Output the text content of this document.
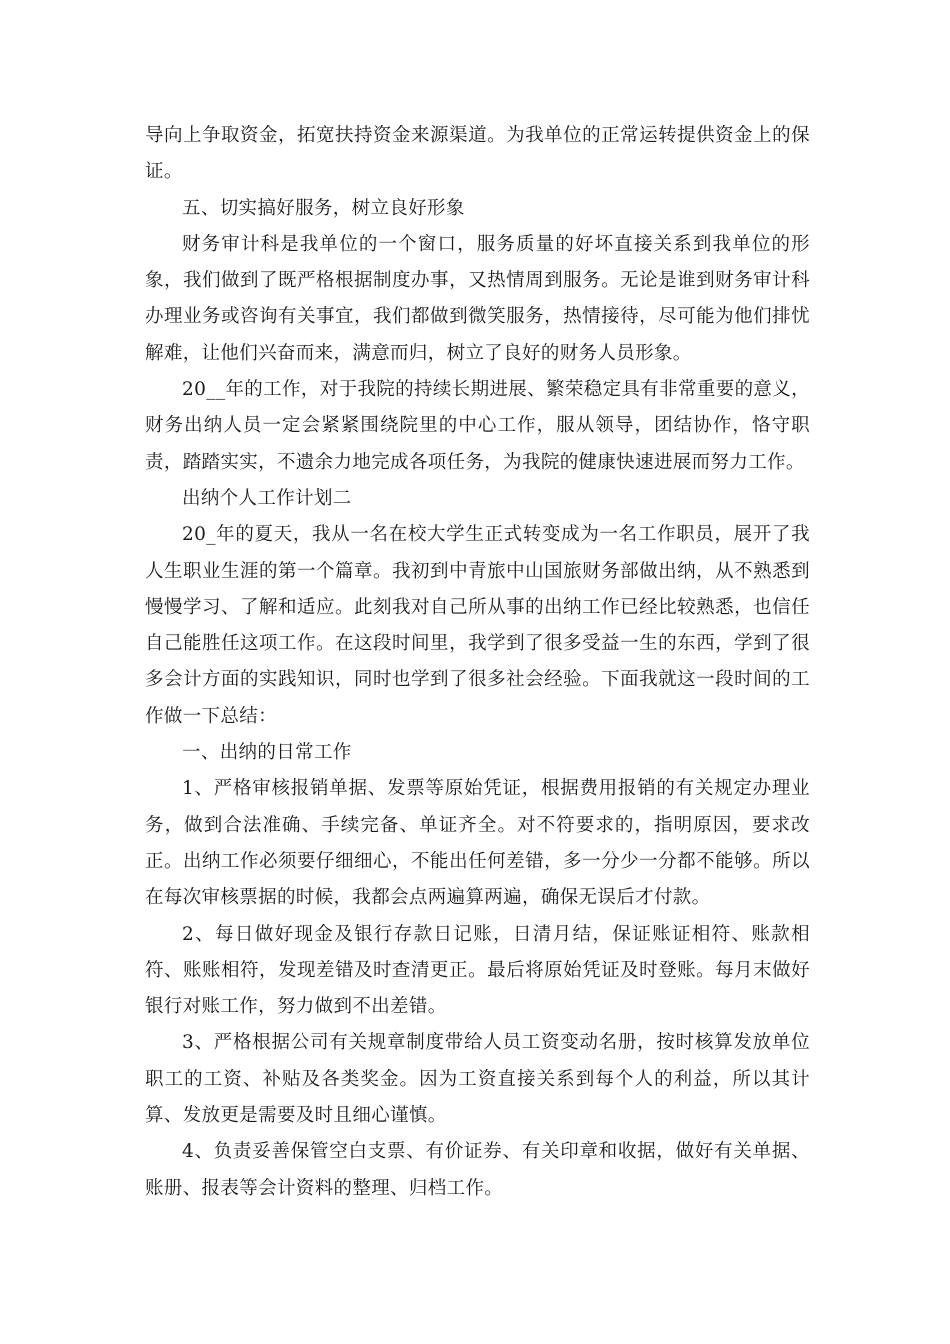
导向上争取资金，拓宽扶持资金来源渠道。为我单位的正常运转提供资金上的保证。

五、切实搞好服务，树立良好形象

财务审计科是我单位的一个窗口，服务质量的好坏直接关系到我单位的形象，我们做到了既严格根据制度办事，又热情周到服务。无论是谁到财务审计科办理业务或咨询有关事宜，我们都做到微笑服务，热情接待，尽可能为他们排忧解难，让他们兴奋而来，满意而归，树立了良好的财务人员形象。

20__年的工作，对于我院的持续长期进展、繁荣稳定具有非常重要的意义，财务出纳人员一定会紧紧围绕院里的中心工作，服从领导，团结协作，恪守职责，踏踏实实，不遗余力地完成各项任务，为我院的健康快速进展而努力工作。

出纳个人工作计划二

20_年的夏天，我从一名在校大学生正式转变成为一名工作职员，展开了我人生职业生涯的第一个篇章。我初到中青旅中山国旅财务部做出纳，从不熟悉到慢慢学习、了解和适应。此刻我对自己所从事的出纳工作已经比较熟悉，也信任自己能胜任这项工作。在这段时间里，我学到了很多受益一生的东西，学到了很多会计方面的实践知识，同时也学到了很多社会经验。下面我就这一段时间的工作做一下总结：

一、出纳的日常工作

1、严格审核报销单据、发票等原始凭证，根据费用报销的有关规定办理业务，做到合法准确、手续完备、单证齐全。对不符要求的，指明原因，要求改正。出纳工作必须要仔细细心，不能出任何差错，多一分少一分都不能够。所以在每次审核票据的时候，我都会点两遍算两遍，确保无误后才付款。

2、每日做好现金及银行存款日记账，日清月结，保证账证相符、账款相符、账账相符，发现差错及时查清更正。最后将原始凭证及时登账。每月末做好银行对账工作，努力做到不出差错。

3、严格根据公司有关规章制度带给人员工资变动名册，按时核算发放单位职工的工资、补贴及各类奖金。因为工资直接关系到每个人的利益，所以其计算、发放更是需要及时且细心谨慎。

4、负责妥善保管空白支票、有价证券、有关印章和收据，做好有关单据、账册、报表等会计资料的整理、归档工作。
